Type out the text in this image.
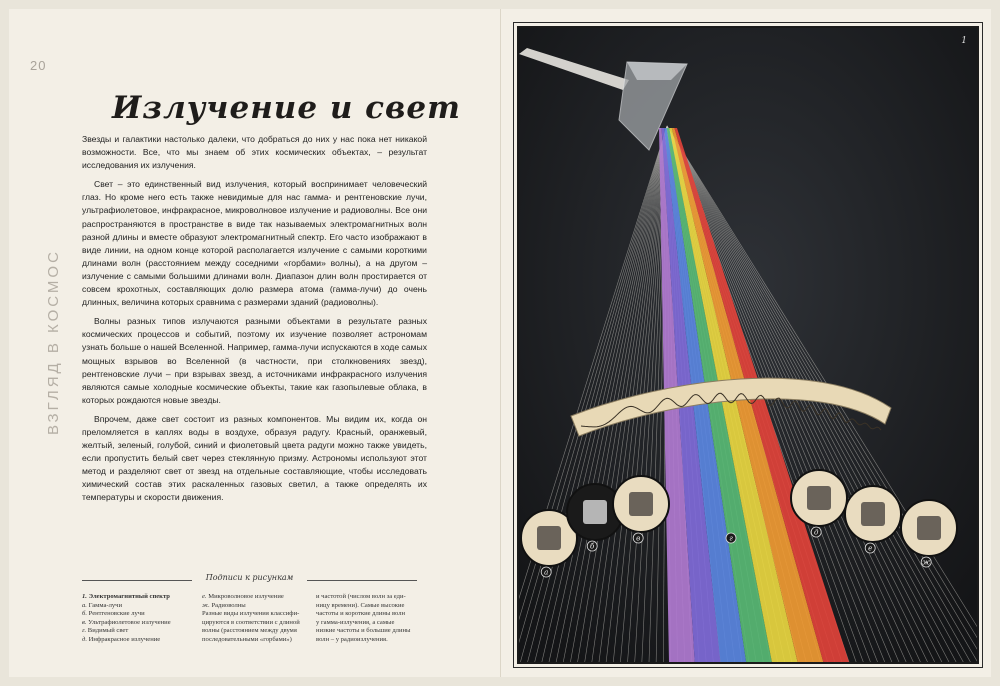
20
ВЗГЛЯД В КОСМОС
Излучение и свет

Звезды и галактики настолько далеки, что добраться до них у нас пока нет никакой возможности. Все, что мы знаем об этих космических объектах, – результат исследования их излучения.

Свет – это единственный вид излучения, который воспринимает человеческий глаз. Но кроме него есть также невидимые для нас гамма- и рентгеновские лучи, ультрафиолетовое, инфракрасное, микроволновое излучение и радиоволны. Все они распространяются в пространстве в виде так называемых электромагнитных волн разной длины и вместе образуют электромагнитный спектр. Его часто изображают в виде линии, на одном конце которой располагается излучение с самыми короткими длинами волн (расстоянием между соседними «горбами» волны), а на другом – излучение с самыми большими длинами волн. Диапазон длин волн простирается от совсем крохотных, составляющих долю размера атома (гамма-лучи) до очень длинных, величина которых сравнима с размерами зданий (радиоволны).

Волны разных типов излучаются разными объектами в результате разных космических процессов и событий, поэтому их изучение позволяет астрономам узнать больше о нашей Вселенной. Например, гамма-лучи испускаются в ходе самых мощных взрывов во Вселенной (в частности, при столкновениях звезд), рентгеновские лучи – при взрывах звезд, а источниками инфракрасного излучения являются самые холодные космические объекты, такие как газопылевые облака, в которых рождаются новые звезды.

Впрочем, даже свет состоит из разных компонентов. Мы видим их, когда он преломляется в каплях воды в воздухе, образуя радугу. Красный, оранжевый, желтый, зеленый, голубой, синий и фиолетовый цвета радуги можно также увидеть, если пропустить белый свет через стеклянную призму. Астрономы используют этот метод и разделяют свет от звезд на отдельные составляющие, чтобы исследовать химический состав этих раскаленных газовых светил, а также определять их температуры и скорости движения.

Подписи к рисункам
1. Электромагнитный спектр
а. Гамма-лучи
б. Рентгеновские лучи
в. Ультрафиолетовое излучение
г. Видимый свет
д. Инфракрасное излучение
е. Микроволновое излучение
ж. Радиоволны
Разные виды излучения классифи-
цируются в соответствии с длиной
волны (расстоянием между двумя
последовательными «горбами»)
и частотой (числом волн за еди-
ницу времени). Самые высокие
частоты и короткие длины волн
у гамма-излучения, а самые
низкие частоты и большие длины
волн – у радиоизлучения.
а
б
в	г
д
е
ж
1
